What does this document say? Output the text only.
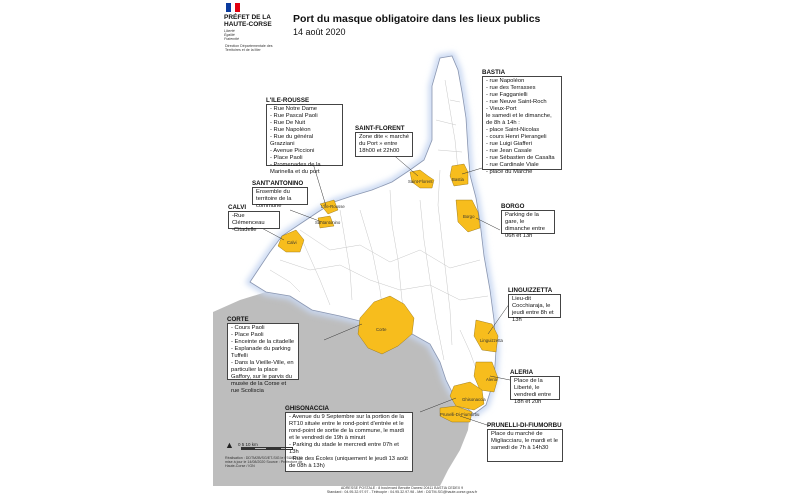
PRÉFET DE LA HAUTE-CORSE
Liberté
Égalité
Fraternité
Direction Départementale des Territoires et de la Mer
Port du masque obligatoire dans les lieux publics
14 août 2020
Saint-Florent	Bastia
Borgo
L'Île-Rousse
Santantonino
Calvi
Corte
Linguizzetta
Aleria
Ghisonaccia
Prunelli-Di-Fiumorbu
BASTIA
- rue Napoléon
- rue des Terrasses
- rue Fagganielli
- rue Neuve Saint-Roch
- Vieux-Port
le samedi et le dimanche, de 8h à 14h :
- place Saint-Nicolas
- cours Henri Pierangeli
- rue Luigi Giafferi
- rue Jean Casale
- rue Sébastien de Casalta
- rue Cardinale Viale
- place du Marché
L'ILE-ROUSSE
- Rue Notre Dame
- Rue Pascal Paoli
- Rue De Nuit
- Rue Napoléon
- Rue du général Grazziani
- Avenue Piccioni
- Place Paoli
- Promenades de la Marinella et du port
SAINT-FLORENT
Zone dite « marché du Port » entre 18h00 et 22h00
SANT'ANTONINO
Ensemble du territoire de la commune
CALVI
-Rue Clémenceau
-Citadelle
BORGO
Parking de la gare, le dimanche entre 06h et 13h
LINGUIZZETTA
Lieu-dit Cocchiaraja, le jeudi entre 8h et 13h
CORTE
- Cours Paoli
- Place Paoli
- Enceinte de la citadelle
- Esplanade du parking Tuffelli
- Dans la Vieille-Ville, en particulier la place Gaffory, sur le parvis du musée de la Corse et rue Scoliscia
ALERIA
Place de la Liberté, le vendredi entre 18h et 20h
GHISONACCIA
- Avenue du 9 Septembre sur la portion de la RT10 située entre le rond-point d'entrée et le rond-point de sortie de la commune, le mardi et le vendredi de 19h à minuit
- Parking du stade le mercredi entre 07h et 13h
- Rue des Écoles (uniquement le jeudi 13 août de 08h à 13h)
PRUNELLI-DI-FIUMORBU
Place du marché de Migliacciaru, le mardi et le samedi de 7h à 14h30
▲ 0 5 10 km
Réalisation : DDTM2B/SG/ET-SIG le 07/08/2020 mise à jour le 14/08/2020 Source : Préfecture de Haute-Corse / IGN
ADRESSE POSTALE : 8 boulevard Benoite Danesi 20411 BASTIA CEDEX 9
Standard : 04.95.32.97.97 - Télécopie : 04.95.32.97.98 - Mél : DDTM-SG@haute-corse.gouv.fr
